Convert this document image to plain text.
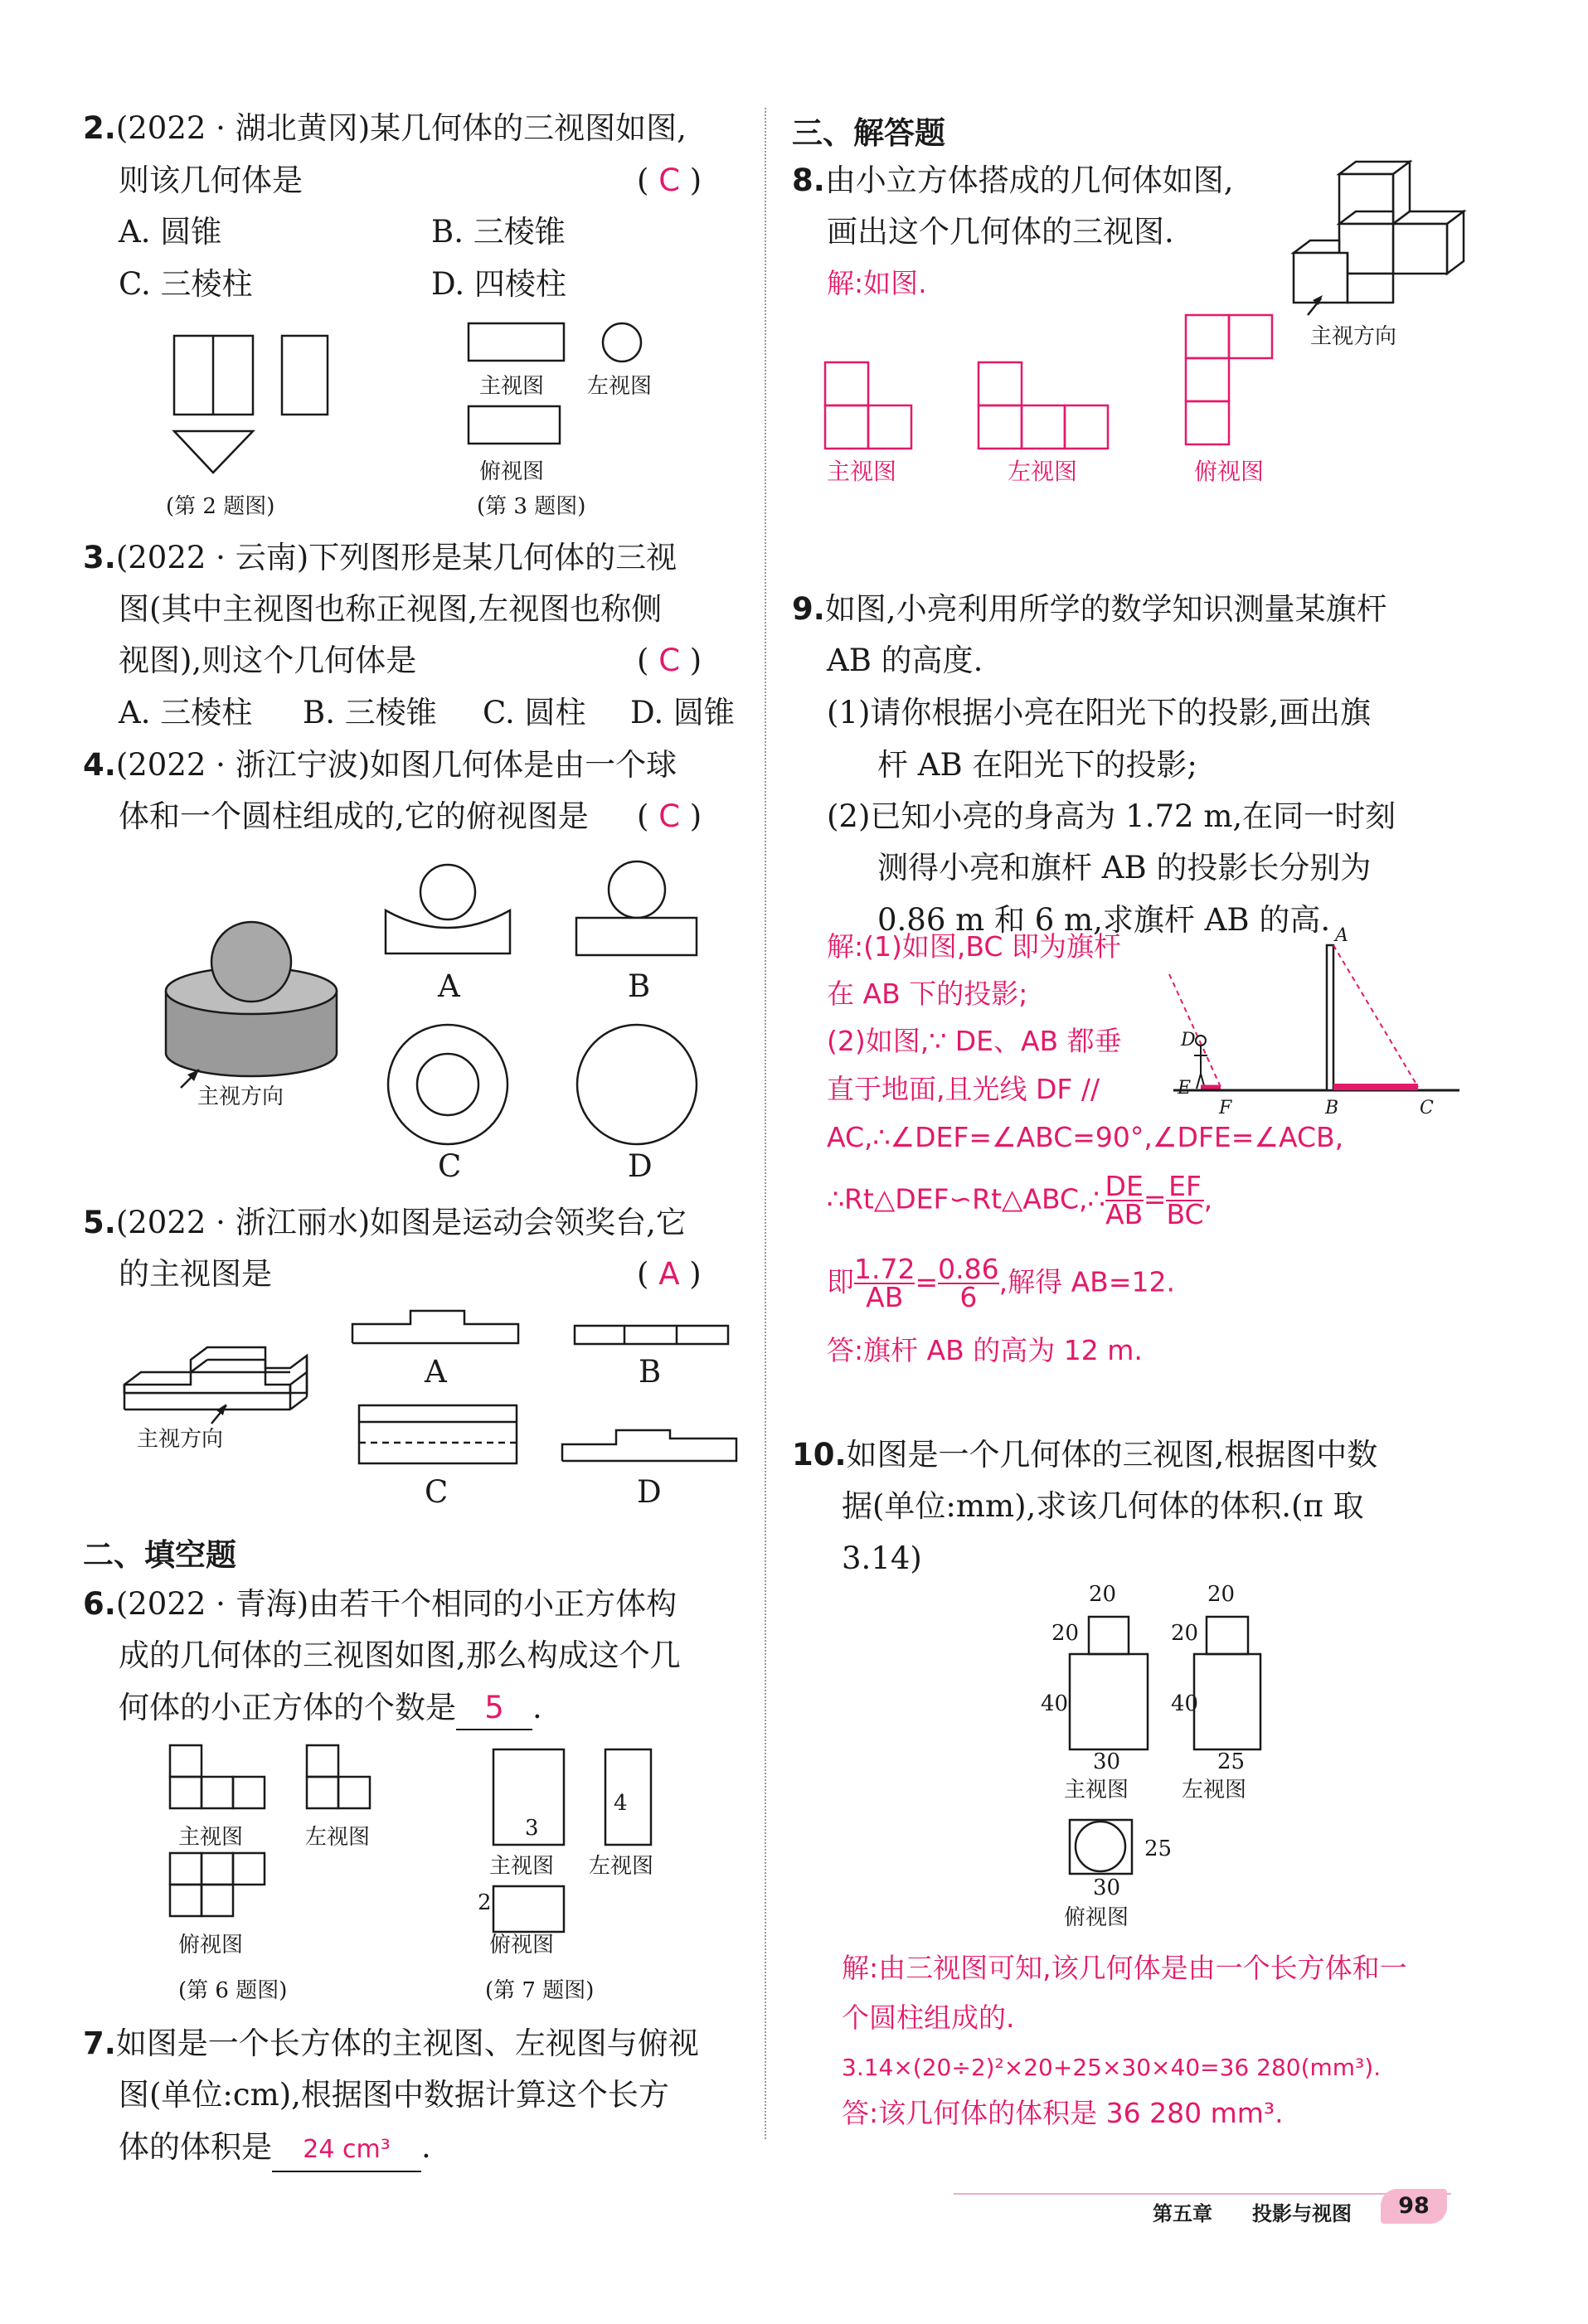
2.(2022 · 湖北黄冈)某几何体的三视图如图,
则该几何体是	( C )
A. 圆锥	B. 三棱锥
C. 三棱柱	D. 四棱柱
(第 2 题图)
主视图 左视图
俯视图
(第 3 题图)
3.(2022 · 云南)下列图形是某几何体的三视
图(其中主视图也称正视图,左视图也称侧
视图),则这个几何体是	( C )
A. 三棱柱 B. 三棱锥 C. 圆柱 D. 圆锥
4.(2022 · 浙江宁波)如图几何体是由一个球
体和一个圆柱组成的,它的俯视图是 ( C )
主视方向
A	B
C	D
5.(2022 · 浙江丽水)如图是运动会领奖台,它
的主视图是	( A )
主视方向
A	B
C	D
二、填空题
6.(2022 · 青海)由若干个相同的小正方体构
成的几何体的三视图如图,那么构成这个几
何体的小正方体的个数是 5 .
主视图	左视图
俯视图
(第 6 题图)
3
4
2
主视图 左视图
俯视图
(第 7 题图)
7.如图是一个长方体的主视图、左视图与俯视
图(单位:cm),根据图中数据计算这个长方
体的体积是 24 cm³ .
三、解答题
8.由小立方体搭成的几何体如图,
画出这个几何体的三视图.
解:如图.
主视方向
主视图	左视图	俯视图
9.如图,小亮利用所学的数学知识测量某旗杆
AB 的高度.
(1)请你根据小亮在阳光下的投影,画出旗
杆 AB 在阳光下的投影;
(2)已知小亮的身高为 1.72 m,在同一时刻
测得小亮和旗杆 AB 的投影长分别为
0.86 m 和 6 m,求旗杆 AB 的高.
解:(1)如图,BC 即为旗杆
在 AB 下的投影;
(2)如图,∵ DE、AB 都垂
直于地面,且光线 DF //
AC,∴∠DEF=∠ABC=90°,∠DFE=∠ACB,
∴Rt△DEF∽Rt△ABC,∴ $\frac{DE}{AB} = \frac{EF}{BC}$ ,
即 $\frac{1.72}{AB} = \frac{0.86}{6}$ ,解得 AB=12.
答:旗杆 AB 的高为 12 m.
A
B	C
D
E
F
10.如图是一个几何体的三视图,根据图中数
据(单位:mm),求该几何体的体积.(π 取
3.14)
20
20
40
30
主视图
20
20
40
25
左视图
25
30
俯视图
解:由三视图可知,该几何体是由一个长方体和一
个圆柱组成的.
3.14×(20÷2)²×20+25×30×40=36 280(mm³).
答:该几何体的体积是 36 280 mm³.
第五章 投影与视图	98
